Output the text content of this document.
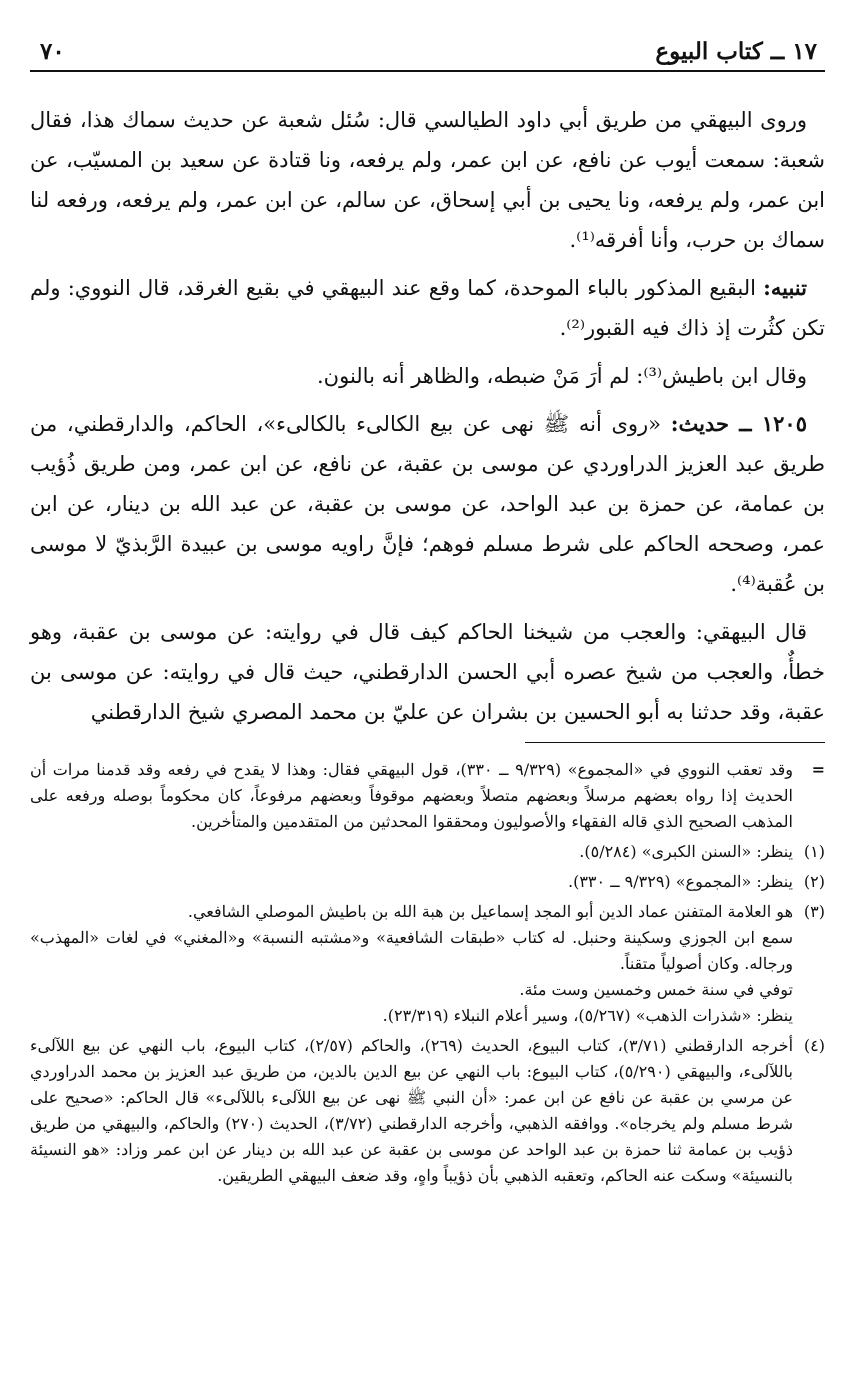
١٧ ــ كتاب البيوع
٧٠

وروى البيهقي من طريق أبي داود الطيالسي قال: سُئل شعبة عن حديث سماك هذا، فقال شعبة: سمعت أيوب عن نافع، عن ابن عمر، ولم يرفعه، ونا قتادة عن سعيد بن المسيّب، عن ابن عمر، ولم يرفعه، ونا يحيى بن أبي إسحاق، عن سالم، عن ابن عمر، ولم يرفعه، ورفعه لنا سماك بن حرب، وأنا أفرقه⁽¹⁾.

تنبيه: البقيع المذكور بالباء الموحدة، كما وقع عند البيهقي في بقيع الغرقد، قال النووي: ولم تكن كثُرت إذ ذاك فيه القبور⁽²⁾.

وقال ابن باطيش⁽³⁾: لم أرَ مَنْ ضبطه، والظاهر أنه بالنون.

١٢٠٥ ــ حديث: «روى أنه ﷺ نهى عن بيع الكالىء بالكالىء»، الحاكم، والدارقطني، من طريق عبد العزيز الدراوردي عن موسى بن عقبة، عن نافع، عن ابن عمر، ومن طريق ذُؤيب بن عمامة، عن حمزة بن عبد الواحد، عن موسى بن عقبة، عن عبد الله بن دينار، عن ابن عمر، وصححه الحاكم على شرط مسلم فوهم؛ فإنَّ راويه موسى بن عبيدة الرَّبذيّ لا موسى بن عُقبة⁽⁴⁾.

قال البيهقي: والعجب من شيخنا الحاكم كيف قال في روايته: عن موسى بن عقبة، وهو خطأٌ، والعجب من شيخ عصره أبي الحسن الدارقطني، حيث قال في روايته: عن موسى بن عقبة، وقد حدثنا به أبو الحسين بن بشران عن عليّ بن محمد المصري شيخ الدارقطني

=
وقد تعقب النووي في «المجموع» (٩/٣٢٩ ــ ٣٣٠)، قول البيهقي فقال: وهذا لا يقدح في رفعه وقد قدمنا مرات أن الحديث إذا رواه بعضهم مرسلاً وبعضهم متصلاً وبعضهم موقوفاً وبعضهم مرفوعاً، كان محكوماً بوصله ورفعه على المذهب الصحيح الذي قاله الفقهاء والأصوليون ومحققوا المحدثين من المتقدمين والمتأخرين.
(١)
ينظر: «السنن الكبرى» (٥/٢٨٤).
(٢)
ينظر: «المجموع» (٩/٣٢٩ ــ ٣٣٠).
(٣)
هو العلامة المتفنن عماد الدين أبو المجد إسماعيل بن هبة الله بن باطيش الموصلي الشافعي.
سمع ابن الجوزي وسكينة وحنبل. له كتاب «طبقات الشافعية» و«مشتبه النسبة» و«المغني» في لغات «المهذب» ورجاله. وكان أصولياً متقناً.
توفي في سنة خمس وخمسين وست مئة.
ينظر: «شذرات الذهب» (٥/٢٦٧)، وسير أعلام النبلاء (٢٣/٣١٩).
(٤)
أخرجه الدارقطني (٣/٧١)، كتاب البيوع، الحديث (٢٦٩)، والحاكم (٢/٥٧)، كتاب البيوع، باب النهي عن بيع اللآلىء باللآلىء، والبيهقي (٥/٢٩٠)، كتاب البيوع: باب النهي عن بيع الدين بالدين، من طريق عبد العزيز بن محمد الدراوردي عن مرسي بن عقبة عن نافع عن ابن عمر: «أن النبي ﷺ نهى عن بيع اللآلىء باللآلىء» قال الحاكم: «صحيح على شرط مسلم ولم يخرجاه». ووافقه الذهبي، وأخرجه الدارقطني (٣/٧٢)، الحديث (٢٧٠) والحاكم، والبيهقي من طريق ذؤيب بن عمامة ثنا حمزة بن عبد الواحد عن موسى بن عقبة عن عبد الله بن دينار عن ابن عمر وزاد: «هو النسيئة بالنسيئة» وسكت عنه الحاكم، وتعقبه الذهبي بأن ذؤيباً واهٍ، وقد ضعف البيهقي الطريقين.
